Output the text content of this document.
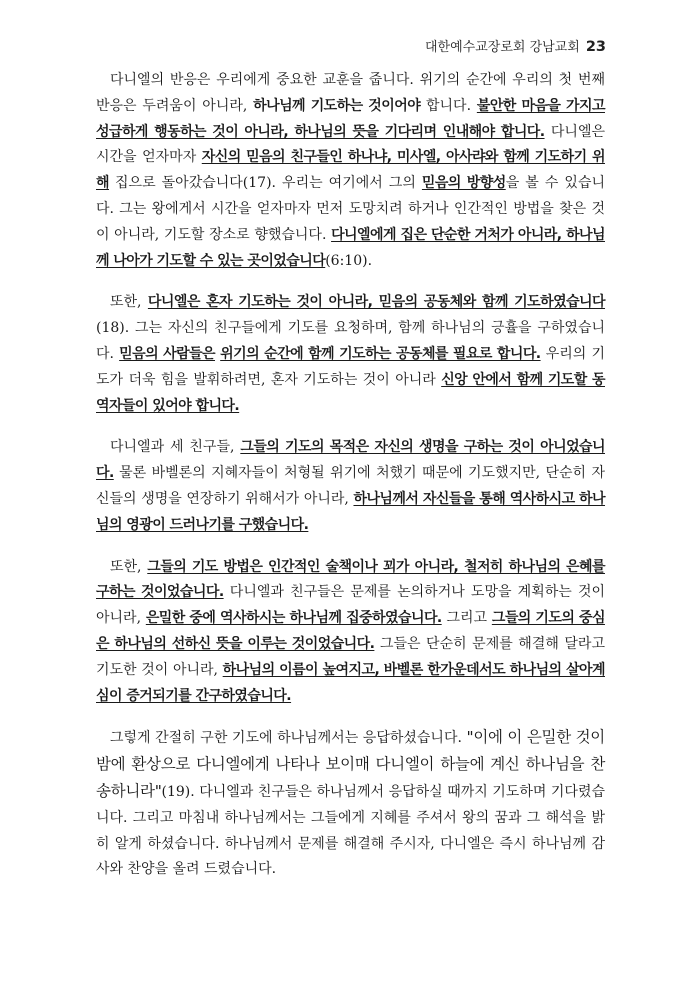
대한예수교장로회 강남교회 23

다니엘의 반응은 우리에게 중요한 교훈을 줍니다. 위기의 순간에 우리의 첫 번째 반응은 두려움이 아니라, 하나님께 기도하는 것이어야 합니다. 불안한 마음을 가지고 성급하게 행동하는 것이 아니라, 하나님의 뜻을 기다리며 인내해야 합니다. 다니엘은 시간을 얻자마자 자신의 믿음의 친구들인 하나냐, 미사엘, 아사랴와 함께 기도하기 위해 집으로 돌아갔습니다(17). 우리는 여기에서 그의 믿음의 방향성을 볼 수 있습니다. 그는 왕에게서 시간을 얻자마자 먼저 도망치려 하거나 인간적인 방법을 찾은 것이 아니라, 기도할 장소로 향했습니다. 다니엘에게 집은 단순한 거처가 아니라, 하나님께 나아가 기도할 수 있는 곳이었습니다(6:10).

또한, 다니엘은 혼자 기도하는 것이 아니라, 믿음의 공동체와 함께 기도하였습니다(18). 그는 자신의 친구들에게 기도를 요청하며, 함께 하나님의 긍휼을 구하였습니다. 믿음의 사람들은 위기의 순간에 함께 기도하는 공동체를 필요로 합니다. 우리의 기도가 더욱 힘을 발휘하려면, 혼자 기도하는 것이 아니라 신앙 안에서 함께 기도할 동역자들이 있어야 합니다.

다니엘과 세 친구들, 그들의 기도의 목적은 자신의 생명을 구하는 것이 아니었습니다. 물론 바벨론의 지혜자들이 처형될 위기에 처했기 때문에 기도했지만, 단순히 자신들의 생명을 연장하기 위해서가 아니라, 하나님께서 자신들을 통해 역사하시고 하나님의 영광이 드러나기를 구했습니다.

또한, 그들의 기도 방법은 인간적인 술책이나 꾀가 아니라, 철저히 하나님의 은혜를 구하는 것이었습니다. 다니엘과 친구들은 문제를 논의하거나 도망을 계획하는 것이 아니라, 은밀한 중에 역사하시는 하나님께 집중하였습니다. 그리고 그들의 기도의 중심은 하나님의 선하신 뜻을 이루는 것이었습니다. 그들은 단순히 문제를 해결해 달라고 기도한 것이 아니라, 하나님의 이름이 높여지고, 바벨론 한가운데서도 하나님의 살아계심이 증거되기를 간구하였습니다.

그렇게 간절히 구한 기도에 하나님께서는 응답하셨습니다. "이에 이 은밀한 것이 밤에 환상으로 다니엘에게 나타나 보이매 다니엘이 하늘에 계신 하나님을 찬송하니라"(19). 다니엘과 친구들은 하나님께서 응답하실 때까지 기도하며 기다렸습니다. 그리고 마침내 하나님께서는 그들에게 지혜를 주셔서 왕의 꿈과 그 해석을 밝히 알게 하셨습니다. 하나님께서 문제를 해결해 주시자, 다니엘은 즉시 하나님께 감사와 찬양을 올려 드렸습니다.
